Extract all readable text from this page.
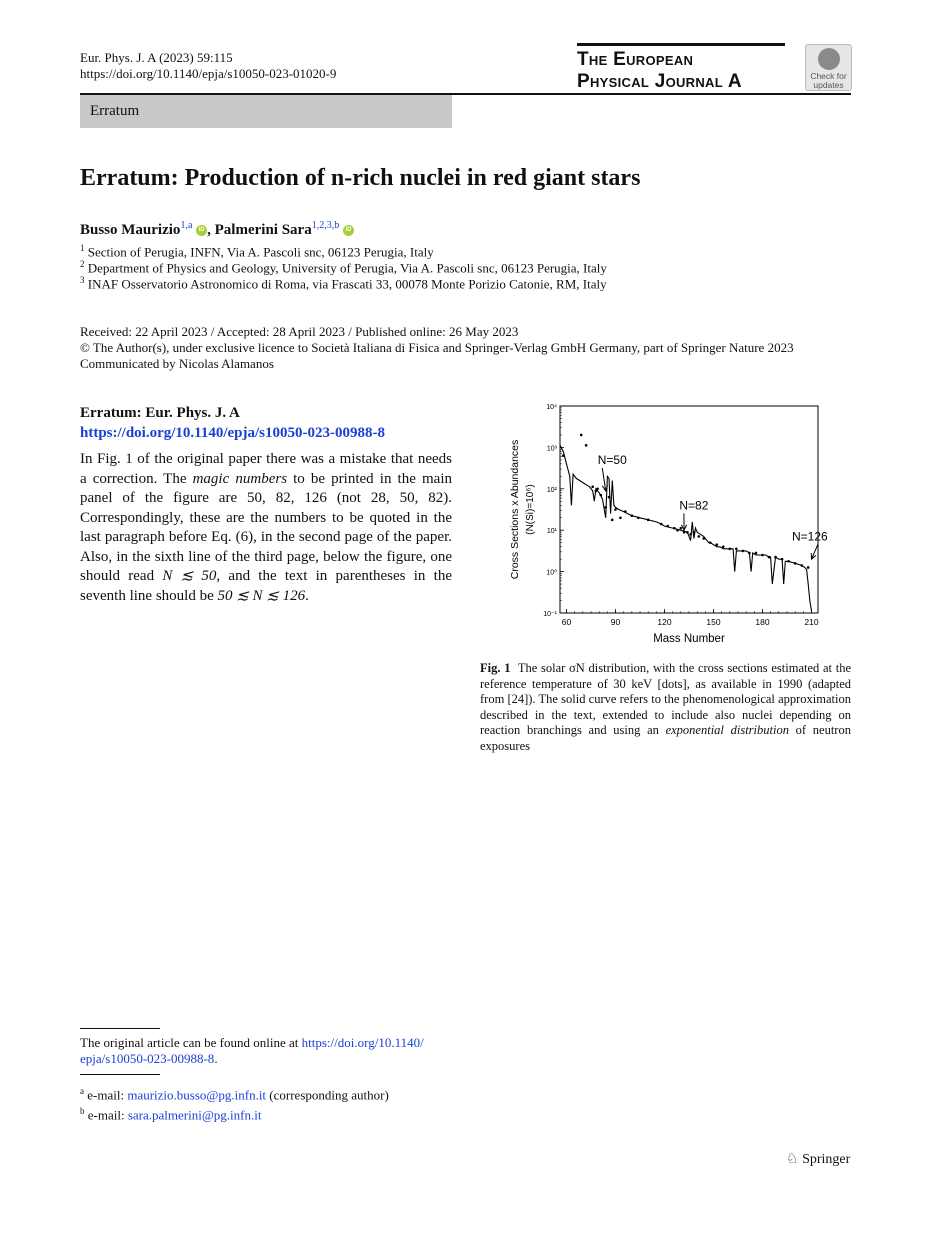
Eur. Phys. J. A (2023) 59:115
https://doi.org/10.1140/epja/s10050-023-01020-9
The European
Physical Journal A	Check for updates
Erratum
Erratum: Production of n-rich nuclei in red giant stars
Busso Maurizio$^{1,a}$ iD , Palmerini Sara$^{1,2,3,b}$ iD
$^1$ Section of Perugia, INFN, Via A. Pascoli snc, 06123 Perugia, Italy
$^2$ Department of Physics and Geology, University of Perugia, Via A. Pascoli snc, 06123 Perugia, Italy
$^3$ INAF Osservatorio Astronomico di Roma, via Frascati 33, 00078 Monte Porizio Catonie, RM, Italy
Received: 22 April 2023 / Accepted: 28 April 2023 / Published online: 26 May 2023
© The Author(s), under exclusive licence to Società Italiana di Fisica and Springer-Verlag GmbH Germany, part of Springer Nature 2023
Communicated by Nicolas Alamanos
Erratum: Eur. Phys. J. A
https://doi.org/10.1140/epja/s10050-023-00988-8
In Fig. 1 of the original paper there was a mistake that needs a correction. The magic numbers to be printed in the main panel of the figure are 50, 82, 126 (not 28, 50, 82). Correspondingly, these are the numbers to be quoted in the last paragraph before Eq. (6), in the second page of the paper. Also, in the sixth line of the third page, below the figure, one should read N ≲ 50, and the text in parentheses in the seventh line should be 50 ≲ N ≲ 126.
60	90	120	150	180	210
10⁻¹
10⁰
10¹
10²
10³
10⁴
Mass Number
Cross Sections x Abundances (N(Si)=10⁶)
N=50
N=82
N=126
Fig. 1 The solar σN distribution, with the cross sections estimated at the reference temperature of 30 keV [dots], as available in 1990 (adapted from [24]). The solid curve refers to the phenomenological approximation described in the text, extended to include also nuclei depending on reaction branchings and using an exponential distribution of neutron exposures
The original article can be found online at https://doi.org/10.1140/
epja/s10050-023-00988-8.
$^a$ e-mail: maurizio.busso@pg.infn.it (corresponding author)
$^b$ e-mail: sara.palmerini@pg.infn.it
♘ Springer
